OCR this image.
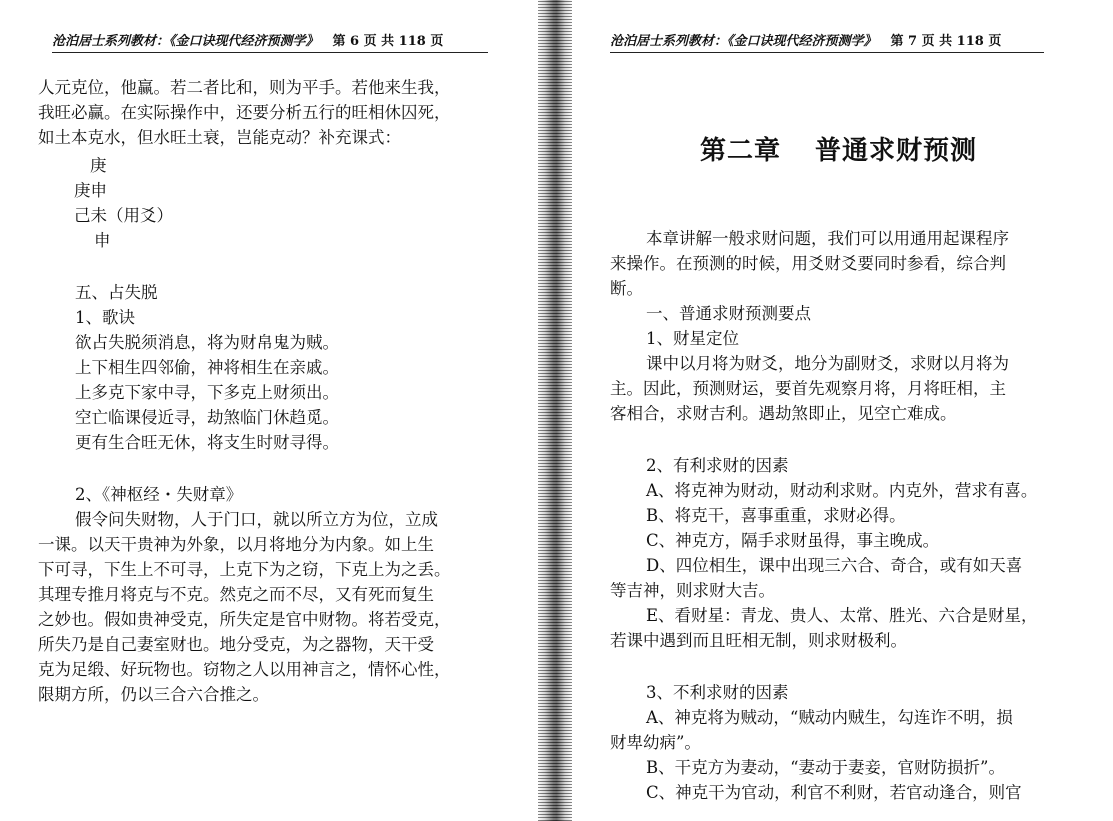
沧泊居士系列教材：《金口诀现代经济预测学》 第 6 页 共 118 页
人元克位，他赢。若二者比和，则为平手。若他来生我，
我旺必赢。在实际操作中，还要分析五行的旺相休囚死，
如土本克水，但水旺土衰，岂能克动？补充课式：
庚
庚申
己未（用爻）
申
五、占失脱
1、歌诀
欲占失脱须消息，将为财帛鬼为贼。
上下相生四邻偷，神将相生在亲戚。
上多克下家中寻，下多克上财须出。
空亡临课侵近寻，劫煞临门休趋觅。
更有生合旺无休，将支生时财寻得。
2、《神枢经・失财章》
假令问失财物，人于门口，就以所立方为位，立成
一课。以天干贵神为外象，以月将地分为内象。如上生
下可寻，下生上不可寻，上克下为之窃，下克上为之丢。
其理专推月将克与不克。然克之而不尽，又有死而复生
之妙也。假如贵神受克，所失定是官中财物。将若受克，
所失乃是自己妻室财也。地分受克，为之器物，天干受
克为足缎、好玩物也。窃物之人以用神言之，情怀心性，
限期方所，仍以三合六合推之。
沧泊居士系列教材：《金口诀现代经济预测学》 第 7 页 共 118 页
第二章 普通求财预测
本章讲解一般求财问题，我们可以用通用起课程序
来操作。在预测的时候，用爻财爻要同时参看，综合判
断。
一、普通求财预测要点
1、财星定位
课中以月将为财爻，地分为副财爻，求财以月将为
主。因此，预测财运，要首先观察月将，月将旺相，主
客相合，求财吉利。遇劫煞即止，见空亡难成。
2、有利求财的因素
A、将克神为财动，财动利求财。内克外，营求有喜。
B、将克干，喜事重重，求财必得。
C、神克方，隔手求财虽得，事主晚成。
D、四位相生，课中出现三六合、奇合，或有如天喜
等吉神，则求财大吉。
E、看财星：青龙、贵人、太常、胜光、六合是财星，
若课中遇到而且旺相无制，则求财极利。
3、不利求财的因素
A、神克将为贼动，“贼动内贼生，勾连诈不明，损
财卑幼病”。
B、干克方为妻动，“妻动于妻妾，官财防损折”。
C、神克干为官动，利官不利财，若官动逢合，则官
